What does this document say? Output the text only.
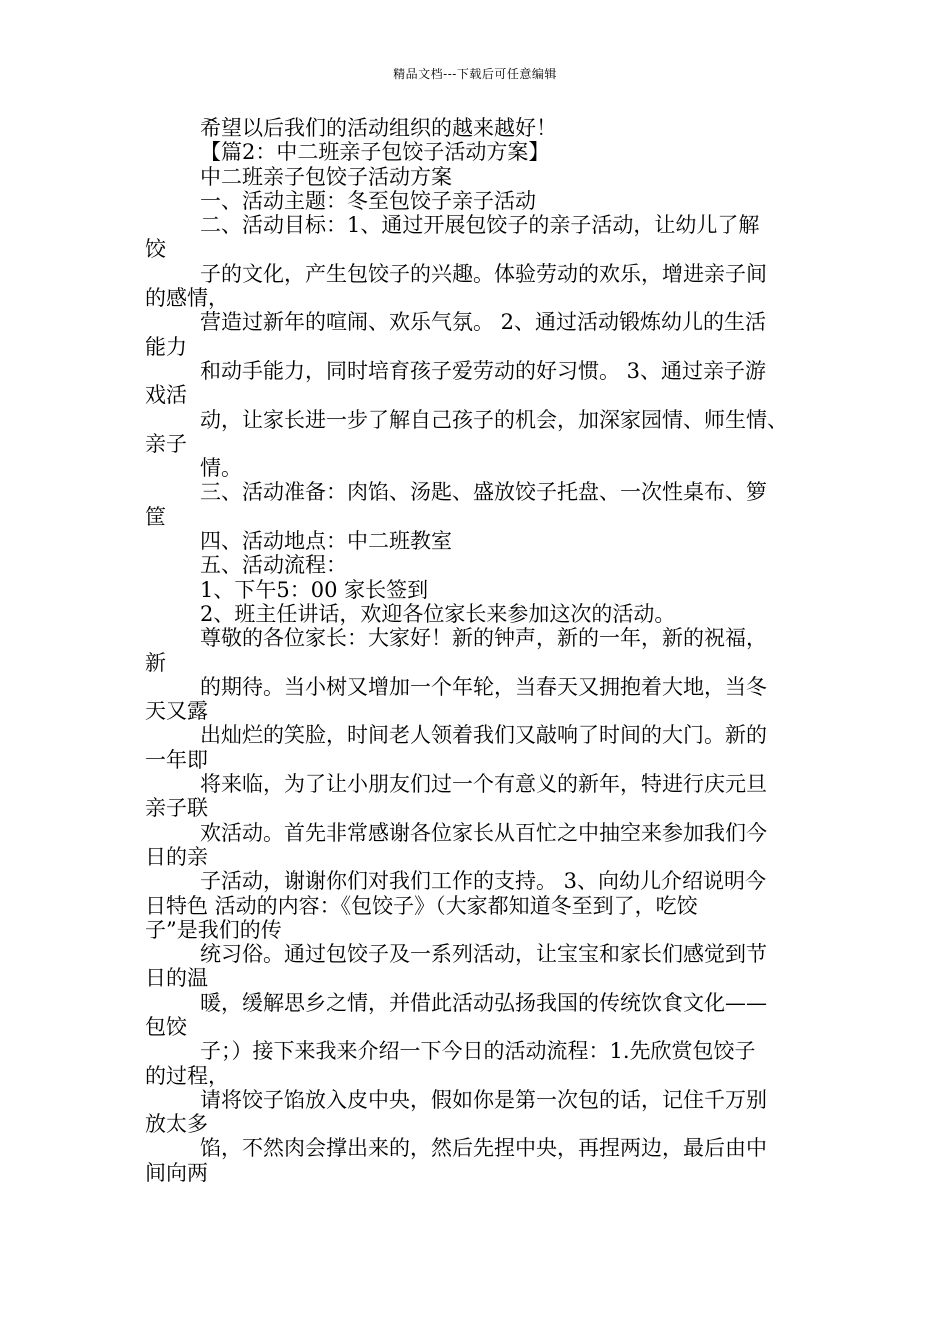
精品文档---下载后可任意编辑
希望以后我们的活动组织的越来越好！
【篇2：中二班亲子包饺子活动方案】
中二班亲子包饺子活动方案
一、活动主题：冬至包饺子亲子活动
二、活动目标：1、通过开展包饺子的亲子活动，让幼儿了解
饺
子的文化，产生包饺子的兴趣。体验劳动的欢乐，增进亲子间
的感情，
营造过新年的喧闹、欢乐气氛。 2、通过活动锻炼幼儿的生活
能力
和动手能力，同时培育孩子爱劳动的好习惯。 3、通过亲子游
戏活
动，让家长进一步了解自己孩子的机会，加深家园情、师生情、
亲子
情。
三、活动准备：肉馅、汤匙、盛放饺子托盘、一次性桌布、箩
筐
四、活动地点：中二班教室
五、活动流程：
1、下午5：00 家长签到
2、班主任讲话，欢迎各位家长来参加这次的活动。
尊敬的各位家长：大家好！新的钟声，新的一年，新的祝福，
新
的期待。当小树又增加一个年轮，当春天又拥抱着大地，当冬
天又露
出灿烂的笑脸，时间老人领着我们又敲响了时间的大门。新的
一年即
将来临，为了让小朋友们过一个有意义的新年，特进行庆元旦
亲子联
欢活动。首先非常感谢各位家长从百忙之中抽空来参加我们今
日的亲
子活动，谢谢你们对我们工作的支持。 3、向幼儿介绍说明今
日特色 活动的内容：《包饺子》（大家都知道冬至到了，吃饺
子”是我们的传
统习俗。通过包饺子及一系列活动，让宝宝和家长们感觉到节
日的温
暖，缓解思乡之情，并借此活动弘扬我国的传统饮食文化——
包饺
子；）接下来我来介绍一下今日的活动流程：1.先欣赏包饺子
的过程，
请将饺子馅放入皮中央，假如你是第一次包的话，记住千万别
放太多
馅，不然肉会撑出来的，然后先捏中央，再捏两边，最后由中
间向两
